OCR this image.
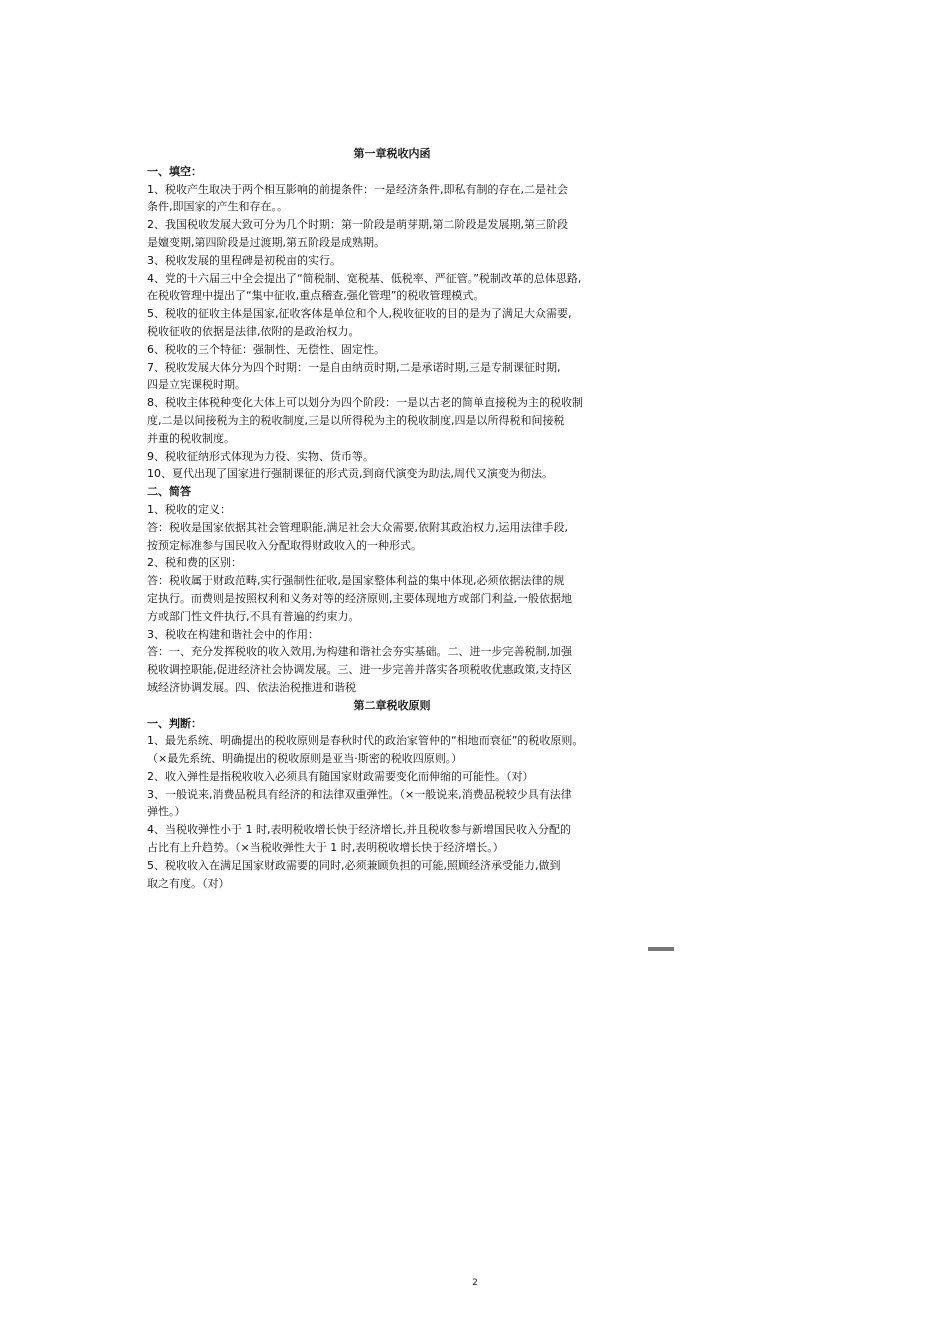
第一章税收内函
一、填空：
1、税收产生取决于两个相互影响的前提条件：一是经济条件,即私有制的存在,二是社会
条件,即国家的产生和存在。。
2、我国税收发展大致可分为几个时期：第一阶段是萌芽期,第二阶段是发展期,第三阶段
是嬗变期,第四阶段是过渡期,第五阶段是成熟期。
3、税收发展的里程碑是初税亩的实行。
4、党的十六届三中全会提出了“简税制、宽税基、低税率、严征管。”税制改革的总体思路,
在税收管理中提出了“集中征收,重点稽查,强化管理”的税收管理模式。
5、税收的征收主体是国家,征收客体是单位和个人,税收征收的目的是为了满足大众需要,
税收征收的依据是法律,依附的是政治权力。
6、税收的三个特征：强制性、无偿性、固定性。
7、税收发展大体分为四个时期：一是自由纳贡时期,二是承诺时期,三是专制课征时期,
四是立宪课税时期。
8、税收主体税种变化大体上可以划分为四个阶段：一是以古老的简单直接税为主的税收制
度,二是以间接税为主的税收制度,三是以所得税为主的税收制度,四是以所得税和间接税
并重的税收制度。
9、税收征纳形式体现为力役、实物、货币等。
10、夏代出现了国家进行强制课征的形式贡,到商代演变为助法,周代又演变为彻法。
二、简答
1、税收的定义：
答：税收是国家依据其社会管理职能,满足社会大众需要,依附其政治权力,运用法律手段,
按预定标准参与国民收入分配取得财政收入的一种形式。
2、税和费的区别：
答：税收属于财政范畴,实行强制性征收,是国家整体利益的集中体现,必须依据法律的规
定执行。而费则是按照权利和义务对等的经济原则,主要体现地方或部门利益,一般依据地
方或部门性文件执行,不具有普遍的约束力。
3、税收在构建和谐社会中的作用：
答：一、充分发挥税收的收入效用,为构建和谐社会夯实基础。二、进一步完善税制,加强
税收调控职能,促进经济社会协调发展。三、进一步完善并落实各项税收优惠政策,支持区
域经济协调发展。四、依法治税推进和谐税
第二章税收原则
一、判断：
1、最先系统、明确提出的税收原则是春秋时代的政治家管仲的“相地而衰征”的税收原则。
（×最先系统、明确提出的税收原则是亚当·斯密的税收四原则。）
2、收入弹性是指税收收入必须具有随国家财政需要变化而伸缩的可能性。（对）
3、一般说来,消费品税具有经济的和法律双重弹性。（×一般说来,消费品税较少具有法律
弹性。）
4、当税收弹性小于 1 时,表明税收增长快于经济增长,并且税收参与新增国民收入分配的
占比有上升趋势。（×当税收弹性大于 1 时,表明税收增长快于经济增长。）
5、税收收入在满足国家财政需要的同时,必须兼顾负担的可能,照顾经济承受能力,做到
取之有度。（对）
2
